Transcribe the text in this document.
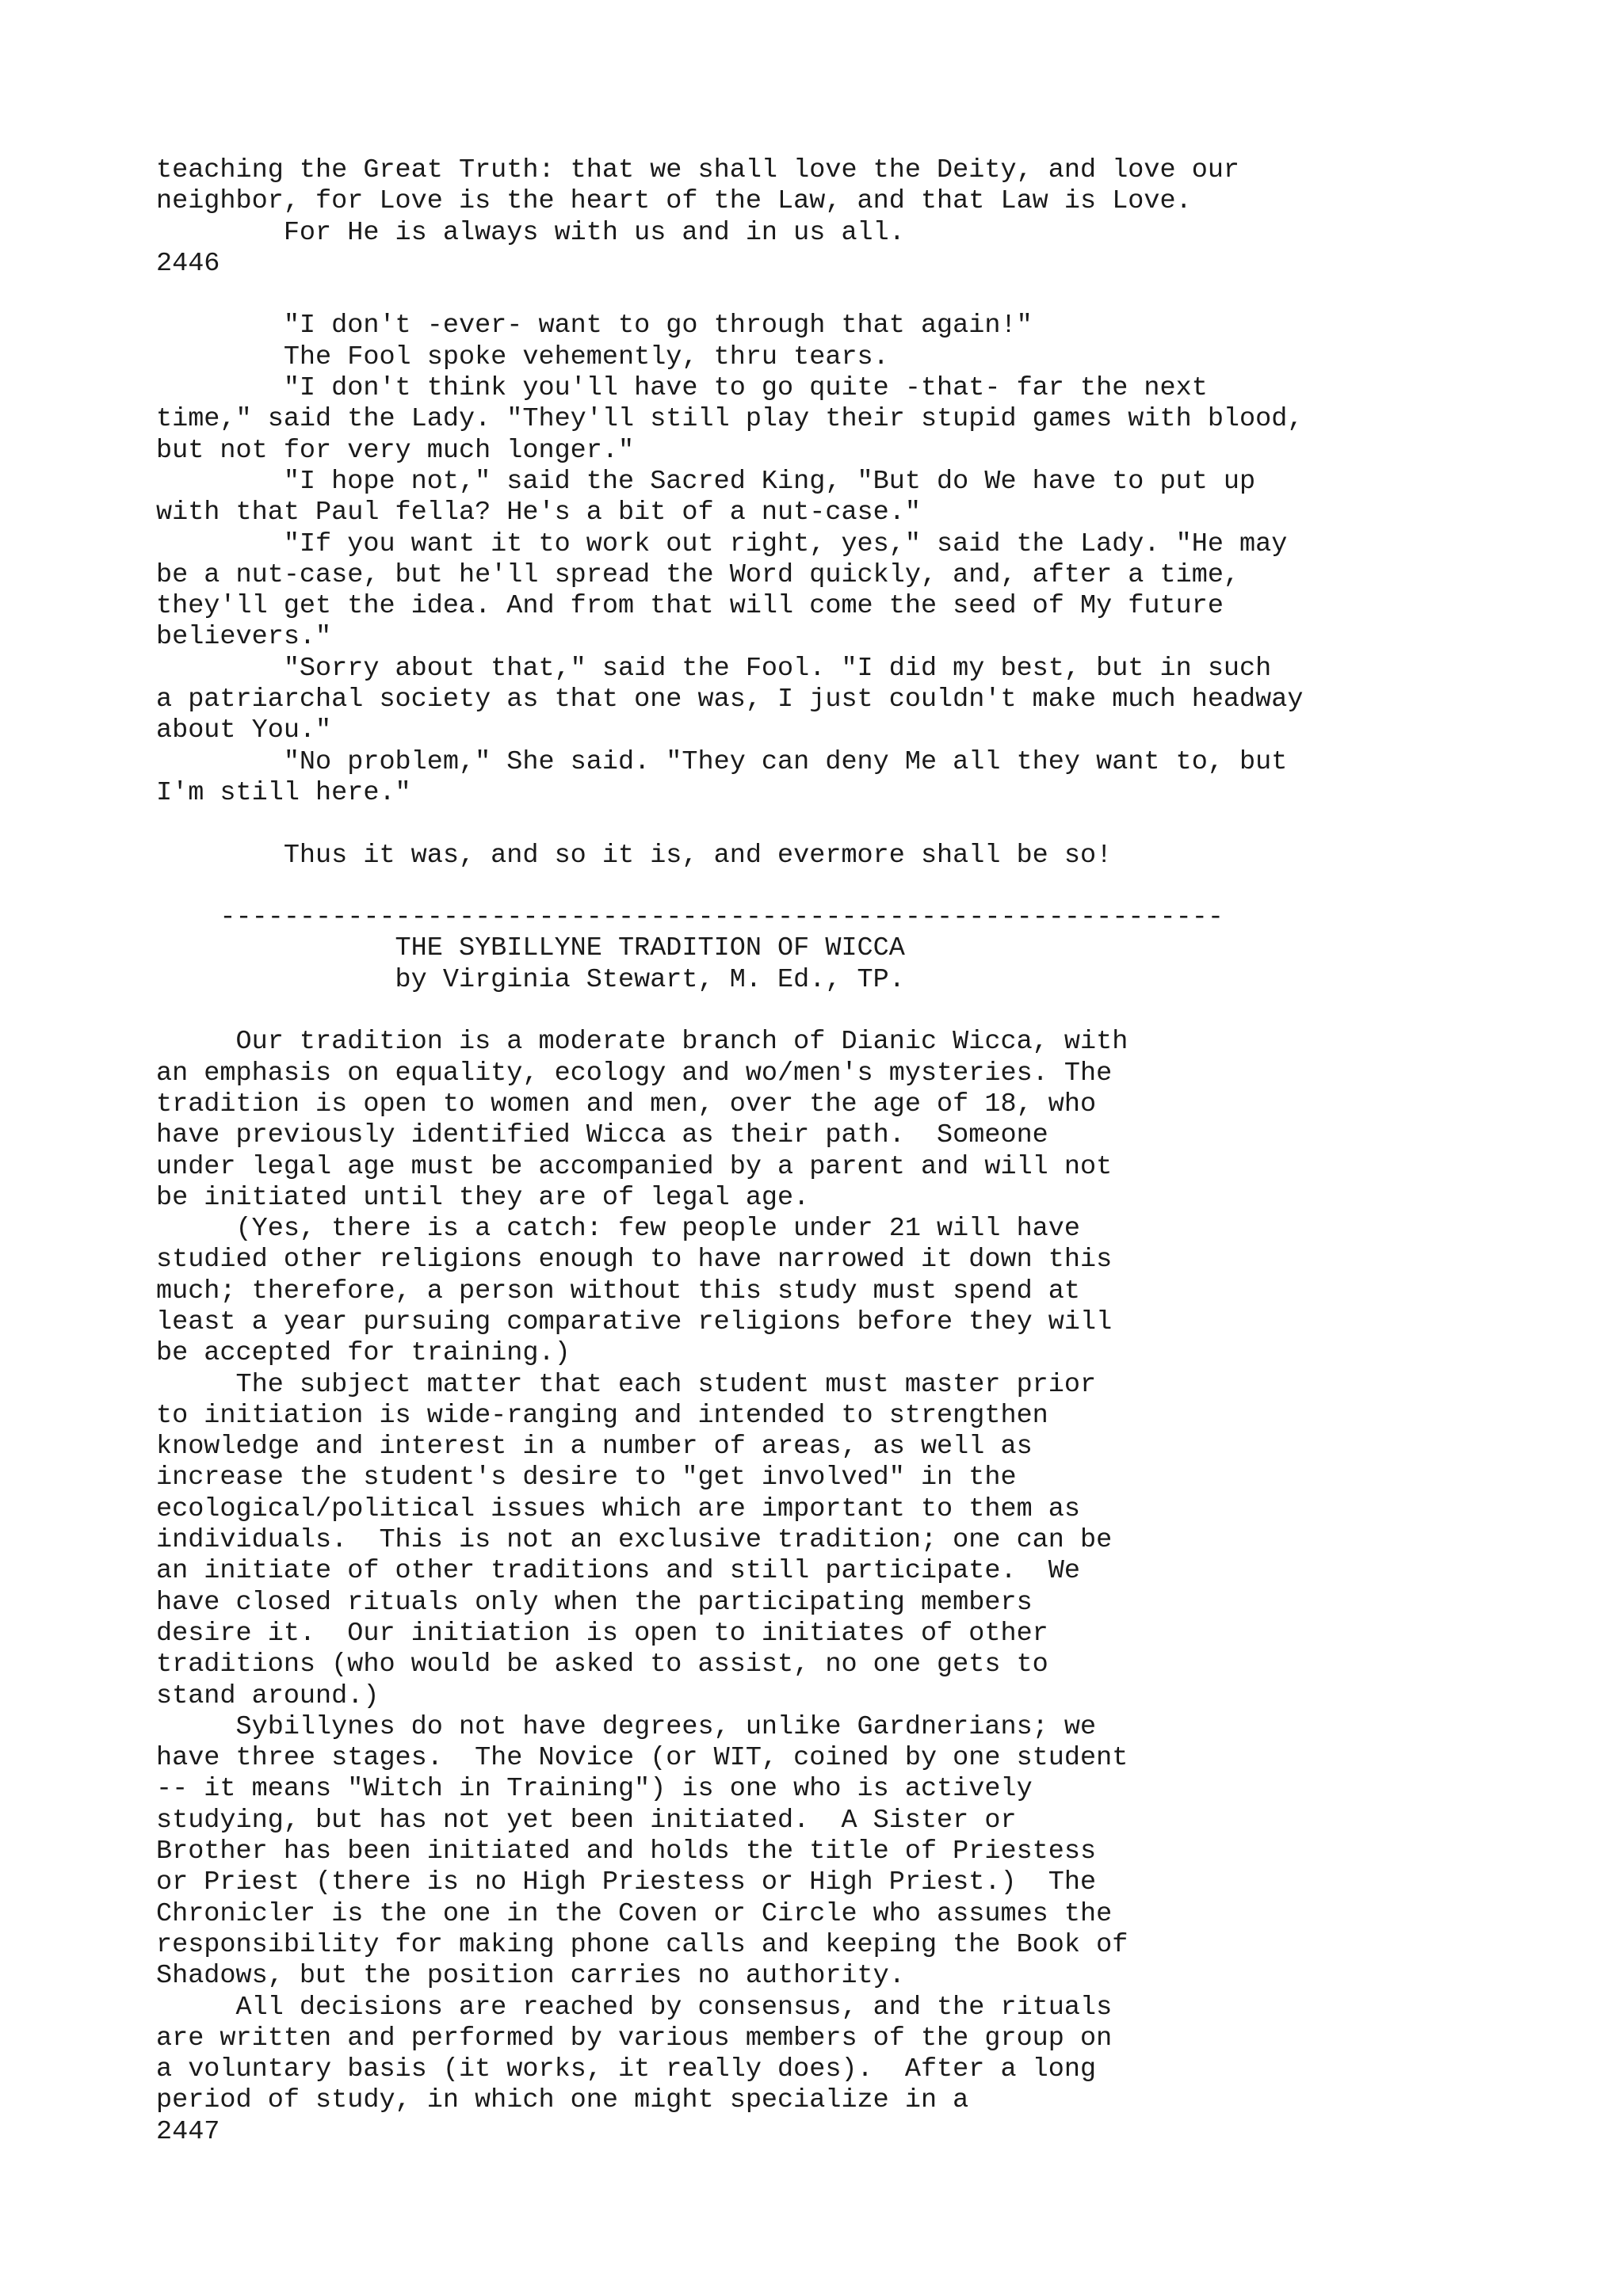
teaching the Great Truth: that we shall love the Deity, and love our
neighbor, for Love is the heart of the Law, and that Law is Love.
For He is always with us and in us all.
2446
"I don't -ever- want to go through that again!"
The Fool spoke vehemently, thru tears.
"I don't think you'll have to go quite -that- far the next
time," said the Lady. "They'll still play their stupid games with blood,
but not for very much longer."
"I hope not," said the Sacred King, "But do We have to put up
with that Paul fella? He's a bit of a nut-case."
"If you want it to work out right, yes," said the Lady. "He may
be a nut-case, but he'll spread the Word quickly, and, after a time,
they'll get the idea. And from that will come the seed of My future
believers."
"Sorry about that," said the Fool. "I did my best, but in such
a patriarchal society as that one was, I just couldn't make much headway
about You."
"No problem," She said. "They can deny Me all they want to, but
I'm still here."
Thus it was, and so it is, and evermore shall be so!
---------------------------------------------------------------
THE SYBILLYNE TRADITION OF WICCA
by Virginia Stewart, M. Ed., TP.
Our tradition is a moderate branch of Dianic Wicca, with
an emphasis on equality, ecology and wo/men's mysteries. The
tradition is open to women and men, over the age of 18, who
have previously identified Wicca as their path.  Someone
under legal age must be accompanied by a parent and will not
be initiated until they are of legal age.
(Yes, there is a catch: few people under 21 will have
studied other religions enough to have narrowed it down this
much; therefore, a person without this study must spend at
least a year pursuing comparative religions before they will
be accepted for training.)
The subject matter that each student must master prior
to initiation is wide-ranging and intended to strengthen
knowledge and interest in a number of areas, as well as
increase the student's desire to "get involved" in the
ecological/political issues which are important to them as
individuals.  This is not an exclusive tradition; one can be
an initiate of other traditions and still participate.  We
have closed rituals only when the participating members
desire it.  Our initiation is open to initiates of other
traditions (who would be asked to assist, no one gets to
stand around.)
Sybillynes do not have degrees, unlike Gardnerians; we
have three stages.  The Novice (or WIT, coined by one student
-- it means "Witch in Training") is one who is actively
studying, but has not yet been initiated.  A Sister or
Brother has been initiated and holds the title of Priestess
or Priest (there is no High Priestess or High Priest.)  The
Chronicler is the one in the Coven or Circle who assumes the
responsibility for making phone calls and keeping the Book of
Shadows, but the position carries no authority.
All decisions are reached by consensus, and the rituals
are written and performed by various members of the group on
a voluntary basis (it works, it really does).  After a long
period of study, in which one might specialize in a
2447
